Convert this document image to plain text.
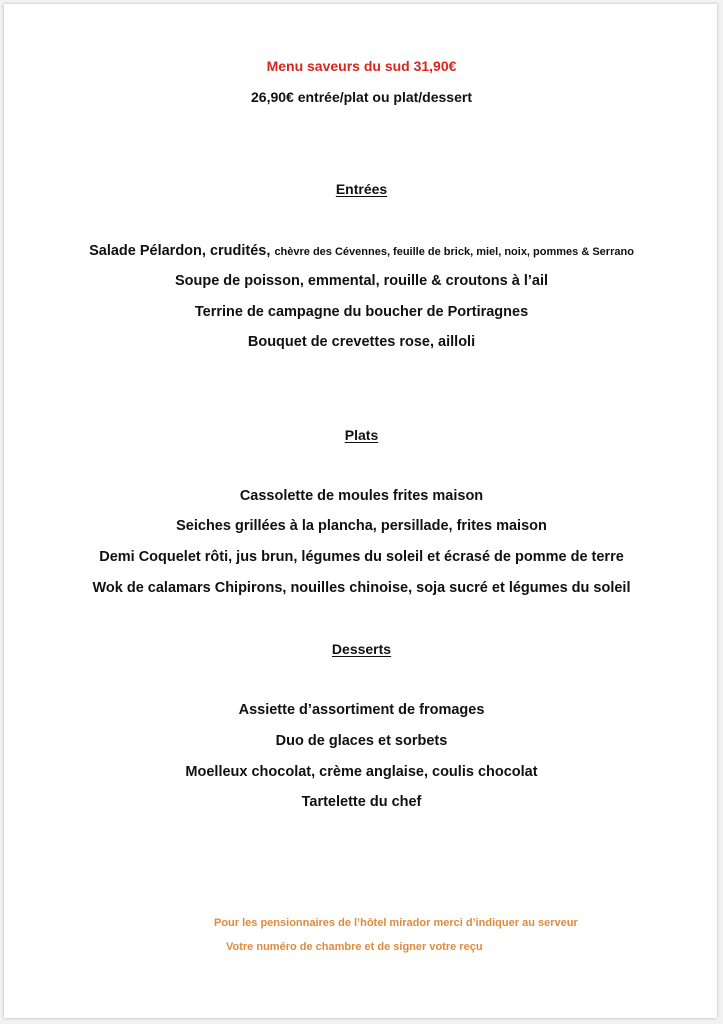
Menu saveurs du sud 31,90€
26,90€ entrée/plat ou plat/dessert
Entrées
Salade Pélardon, crudités, chèvre des Cévennes, feuille de brick, miel, noix, pommes & Serrano
Soupe de poisson, emmental, rouille & croutons à l’ail
Terrine de campagne du boucher de Portiragnes
Bouquet de crevettes rose, ailloli
Plats
Cassolette de moules frites maison
Seiches grillées à la plancha, persillade, frites maison
Demi Coquelet rôti, jus brun, légumes du soleil et écrasé de pomme de terre
Wok de calamars Chipirons, nouilles chinoise, soja sucré et légumes du soleil
Desserts
Assiette d’assortiment de fromages
Duo de glaces et sorbets
Moelleux chocolat, crème anglaise, coulis chocolat
Tartelette du chef
Pour les pensionnaires de l’hôtel mirador merci d’indiquer au serveur
Votre numéro de chambre et de signer votre reçu
